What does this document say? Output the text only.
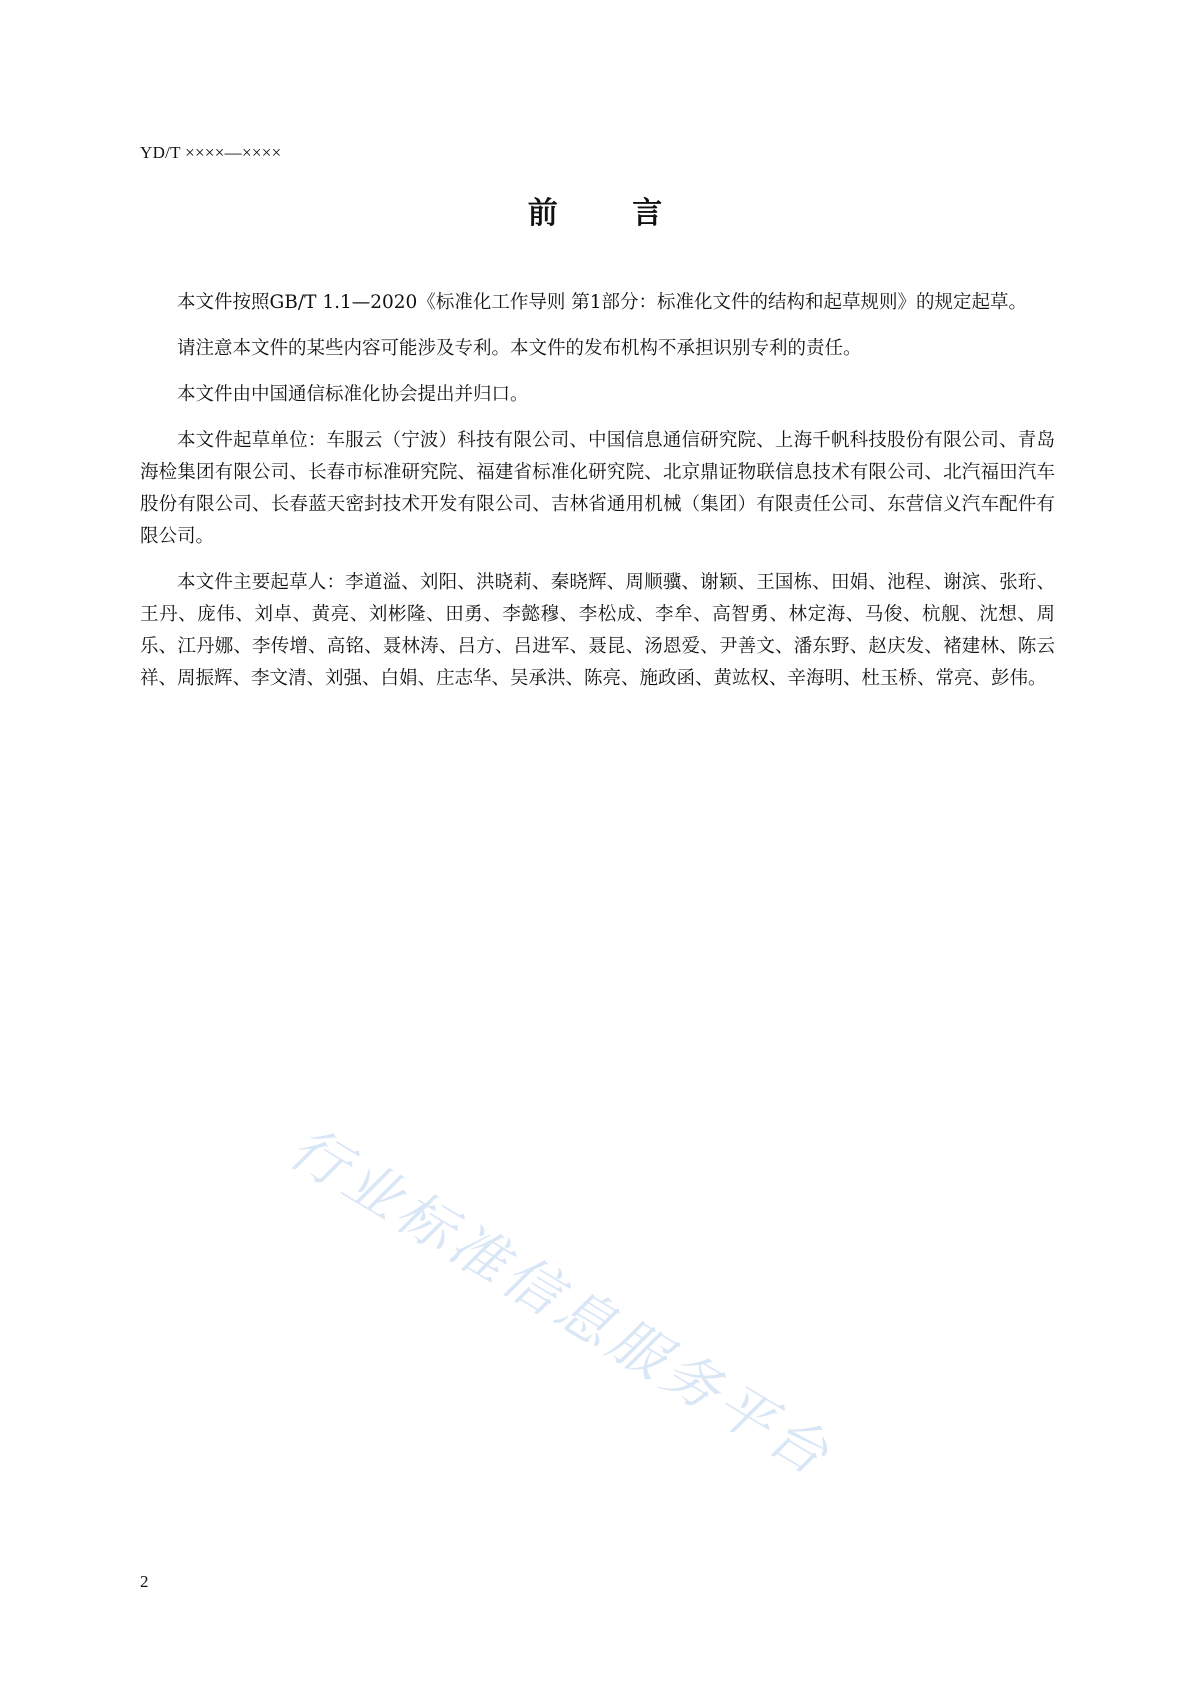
YD/T ××××—××××
前 言

本文件按照GB/T 1.1—2020《标准化工作导则 第1部分：标准化文件的结构和起草规则》的规定起草。

请注意本文件的某些内容可能涉及专利。本文件的发布机构不承担识别专利的责任。

本文件由中国通信标准化协会提出并归口。

本文件起草单位：车服云（宁波）科技有限公司、中国信息通信研究院、上海千帆科技股份有限公司、青岛海检集团有限公司、长春市标准研究院、福建省标准化研究院、北京鼎证物联信息技术有限公司、北汽福田汽车股份有限公司、长春蓝天密封技术开发有限公司、吉林省通用机械（集团）有限责任公司、东营信义汽车配件有限公司。

本文件主要起草人：李道溢、刘阳、洪晓莉、秦晓辉、周顺骥、谢颖、王国栋、田娟、池程、谢滨、张珩、王丹、庞伟、刘卓、黄亮、刘彬隆、田勇、李懿穆、李松成、李牟、高智勇、林定海、马俊、杭舰、沈想、周乐、江丹娜、李传增、高铭、聂林涛、吕方、吕进军、聂昆、汤恩爱、尹善文、潘东野、赵庆发、褚建林、陈云祥、周振辉、李文清、刘强、白娟、庄志华、吴承洪、陈亮、施政函、黄竑权、辛海明、杜玉桥、常亮、彭伟。

行业标准信息服务平台
2
